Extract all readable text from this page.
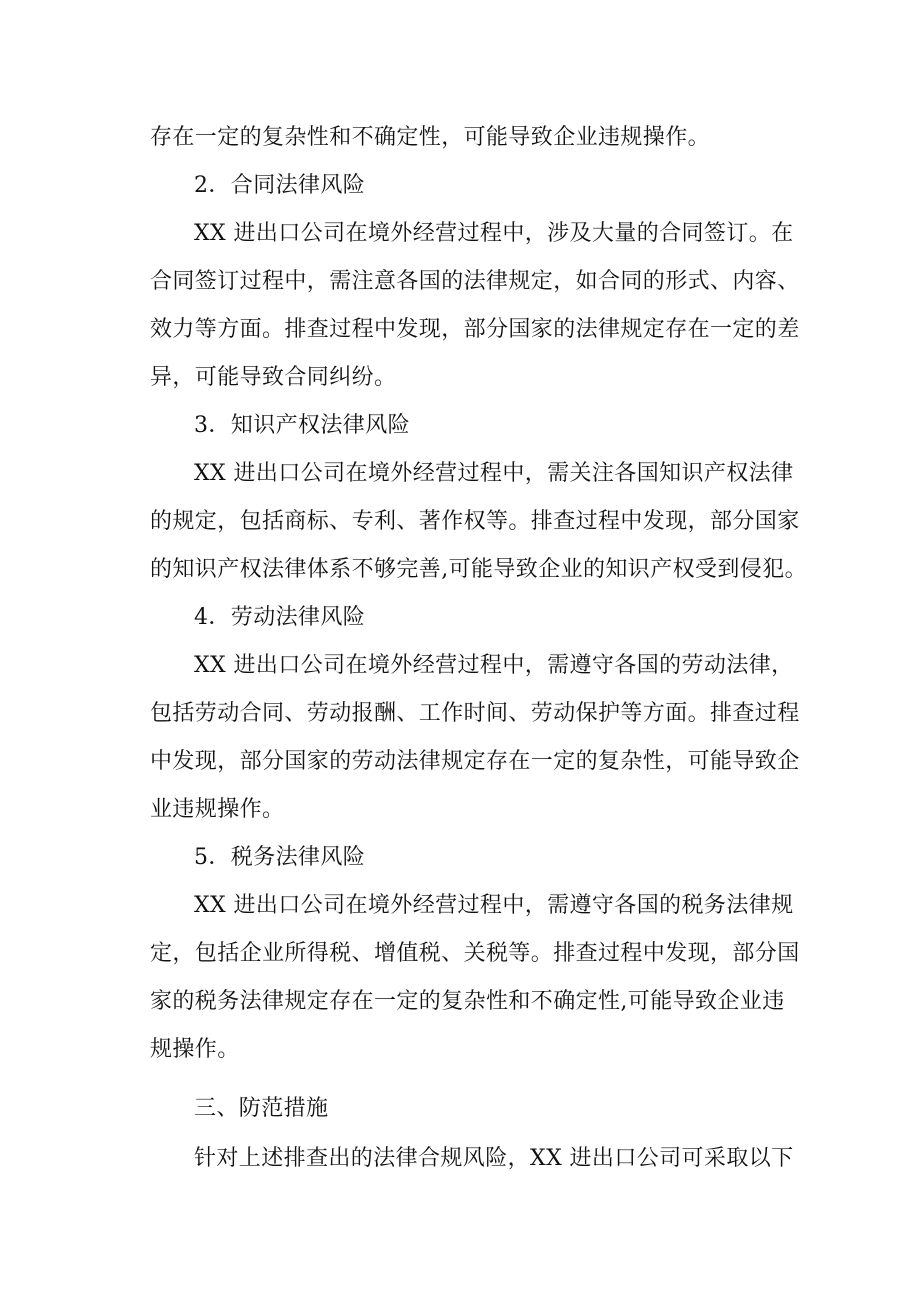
存在一定的复杂性和不确定性，可能导致企业违规操作。
2．合同法律风险
XX 进出口公司在境外经营过程中，涉及大量的合同签订。在
合同签订过程中，需注意各国的法律规定，如合同的形式、内容、
效力等方面。排查过程中发现，部分国家的法律规定存在一定的差
异，可能导致合同纠纷。
3．知识产权法律风险
XX 进出口公司在境外经营过程中，需关注各国知识产权法律
的规定，包括商标、专利、著作权等。排查过程中发现，部分国家
的知识产权法律体系不够完善,可能导致企业的知识产权受到侵犯。
4．劳动法律风险
XX 进出口公司在境外经营过程中，需遵守各国的劳动法律，
包括劳动合同、劳动报酬、工作时间、劳动保护等方面。排查过程
中发现，部分国家的劳动法律规定存在一定的复杂性，可能导致企
业违规操作。
5．税务法律风险
XX 进出口公司在境外经营过程中，需遵守各国的税务法律规
定，包括企业所得税、增值税、关税等。排查过程中发现，部分国
家的税务法律规定存在一定的复杂性和不确定性,可能导致企业违
规操作。
三、防范措施
针对上述排查出的法律合规风险，XX 进出口公司可采取以下
